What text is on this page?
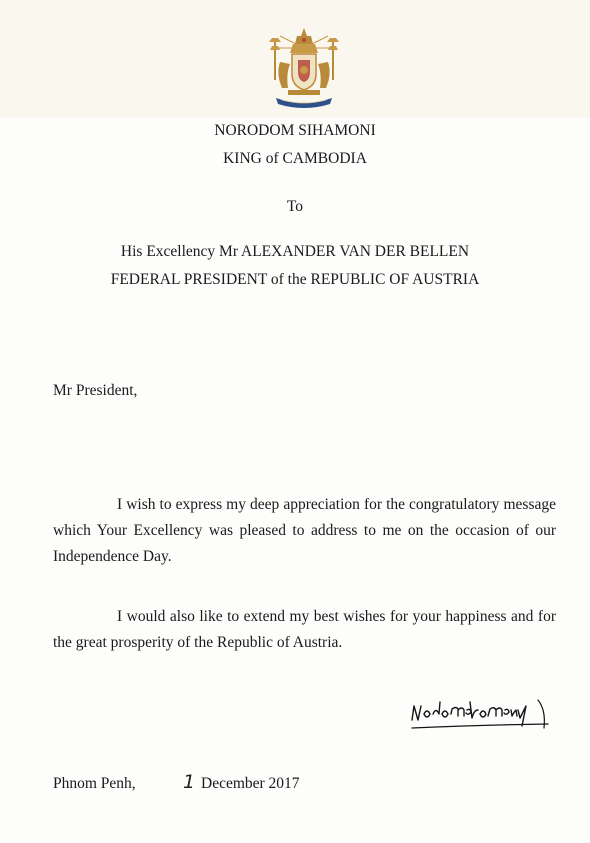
NORODOM SIHAMONI
KING of CAMBODIA
To
His Excellency Mr ALEXANDER VAN DER BELLEN
FEDERAL PRESIDENT of the REPUBLIC OF AUSTRIA
Mr President,

I wish to express my deep appreciation for the congratulatory message which Your Excellency was pleased to address to me on the occasion of our Independence Day.

I would also like to extend my best wishes for your happiness and for the great prosperity of the Republic of Austria.

Phnom Penh, 1 December 2017
